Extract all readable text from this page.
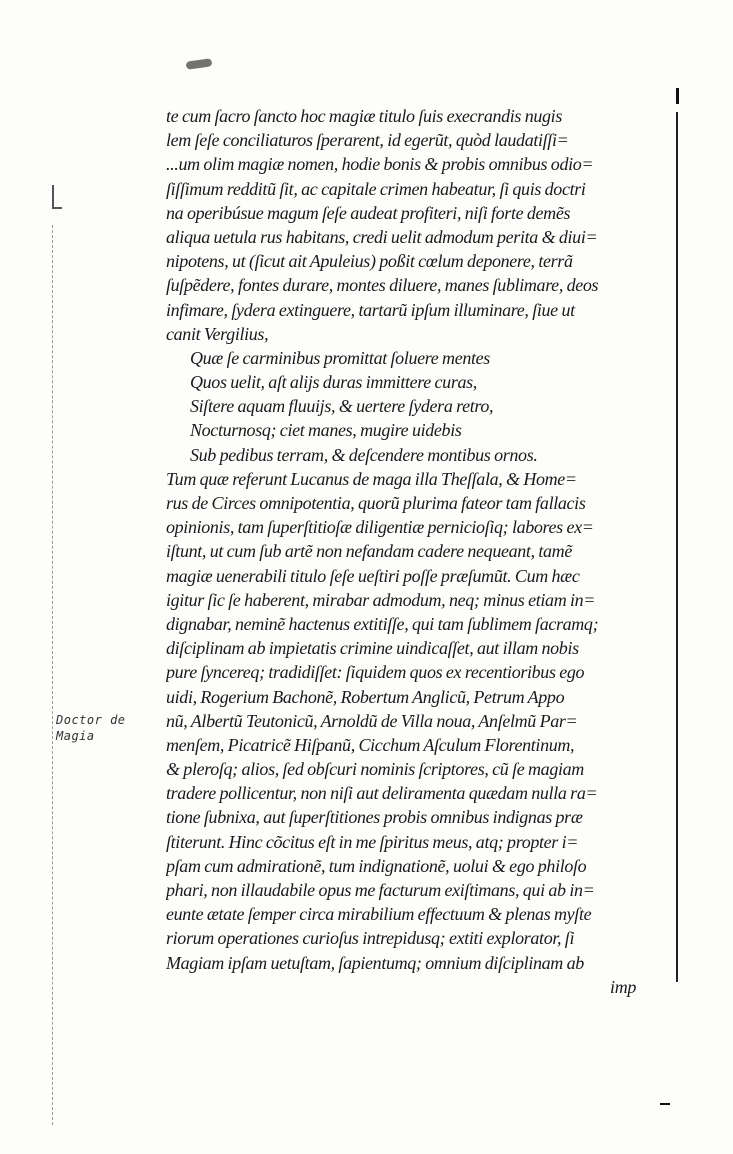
Doctor de
Magia
te cum ſacro ſancto hoc magiæ titulo ſuis execrandis nugis
lem ſeſe conciliaturos ſperarent, id egerũt, quòd laudatiſſi=
...um olim magiæ nomen, hodie bonis & probis omnibus odio=
ſiſſimum redditũ ſit, ac capitale crimen habeatur, ſi quis doctri
na operibúsue magum ſeſe audeat profiteri, niſi forte demẽs
aliqua uetula rus habitans, credi uelit admodum perita & diui=
nipotens, ut (ſicut ait Apuleius) poßit cœlum deponere, terrã
ſuſpẽdere, fontes durare, montes diluere, manes ſublimare, deos
infimare, ſydera extinguere, tartarũ ipſum illuminare, ſiue ut
canit Vergilius,
Quæ ſe carminibus promittat ſoluere mentes
Quos uelit, aſt alijs duras immittere curas,
Siſtere aquam fluuijs, & uertere ſydera retro,
Nocturnosq; ciet manes, mugire uidebis
Sub pedibus terram, & deſcendere montibus ornos.
Tum quæ referunt Lucanus de maga illa Theſſala, & Home=
rus de Circes omnipotentia, quorũ plurima fateor tam fallacis
opinionis, tam ſuperſtitioſæ diligentiæ pernicioſiq; labores ex=
iſtunt, ut cum ſub artẽ non nefandam cadere nequeant, tamẽ
magiæ uenerabili titulo ſeſe ueſtiri poſſe præſumũt. Cum hæc
igitur ſic ſe haberent, mirabar admodum, neq; minus etiam in=
dignabar, neminẽ hactenus extitiſſe, qui tam ſublimem ſacramq;
diſciplinam ab impietatis crimine uindicaſſet, aut illam nobis
pure ſyncereq; tradidiſſet: ſiquidem quos ex recentioribus ego
uidi, Rogerium Bachonẽ, Robertum Anglicũ, Petrum Appo
nũ, Albertũ Teutonicũ, Arnoldũ de Villa noua, Anſelmũ Par=
menſem, Picatricẽ Hiſpanũ, Cicchum Aſculum Florentinum,
& pleroſq; alios, ſed obſcuri nominis ſcriptores, cũ ſe magiam
tradere pollicentur, non niſi aut deliramenta quædam nulla ra=
tione ſubnixa, aut ſuperſtitiones probis omnibus indignas præ
ſtiterunt. Hinc cõcitus eſt in me ſpiritus meus, atq; propter i=
pſam cum admirationẽ, tum indignationẽ, uolui & ego philoſo
phari, non illaudabile opus me facturum exiſtimans, qui ab in=
eunte ætate ſemper circa mirabilium effectuum & plenas myſte
riorum operationes curioſus intrepidusq; extiti explorator, ſi
Magiam ipſam uetuſtam, ſapientumq; omnium diſciplinam ab
imp
